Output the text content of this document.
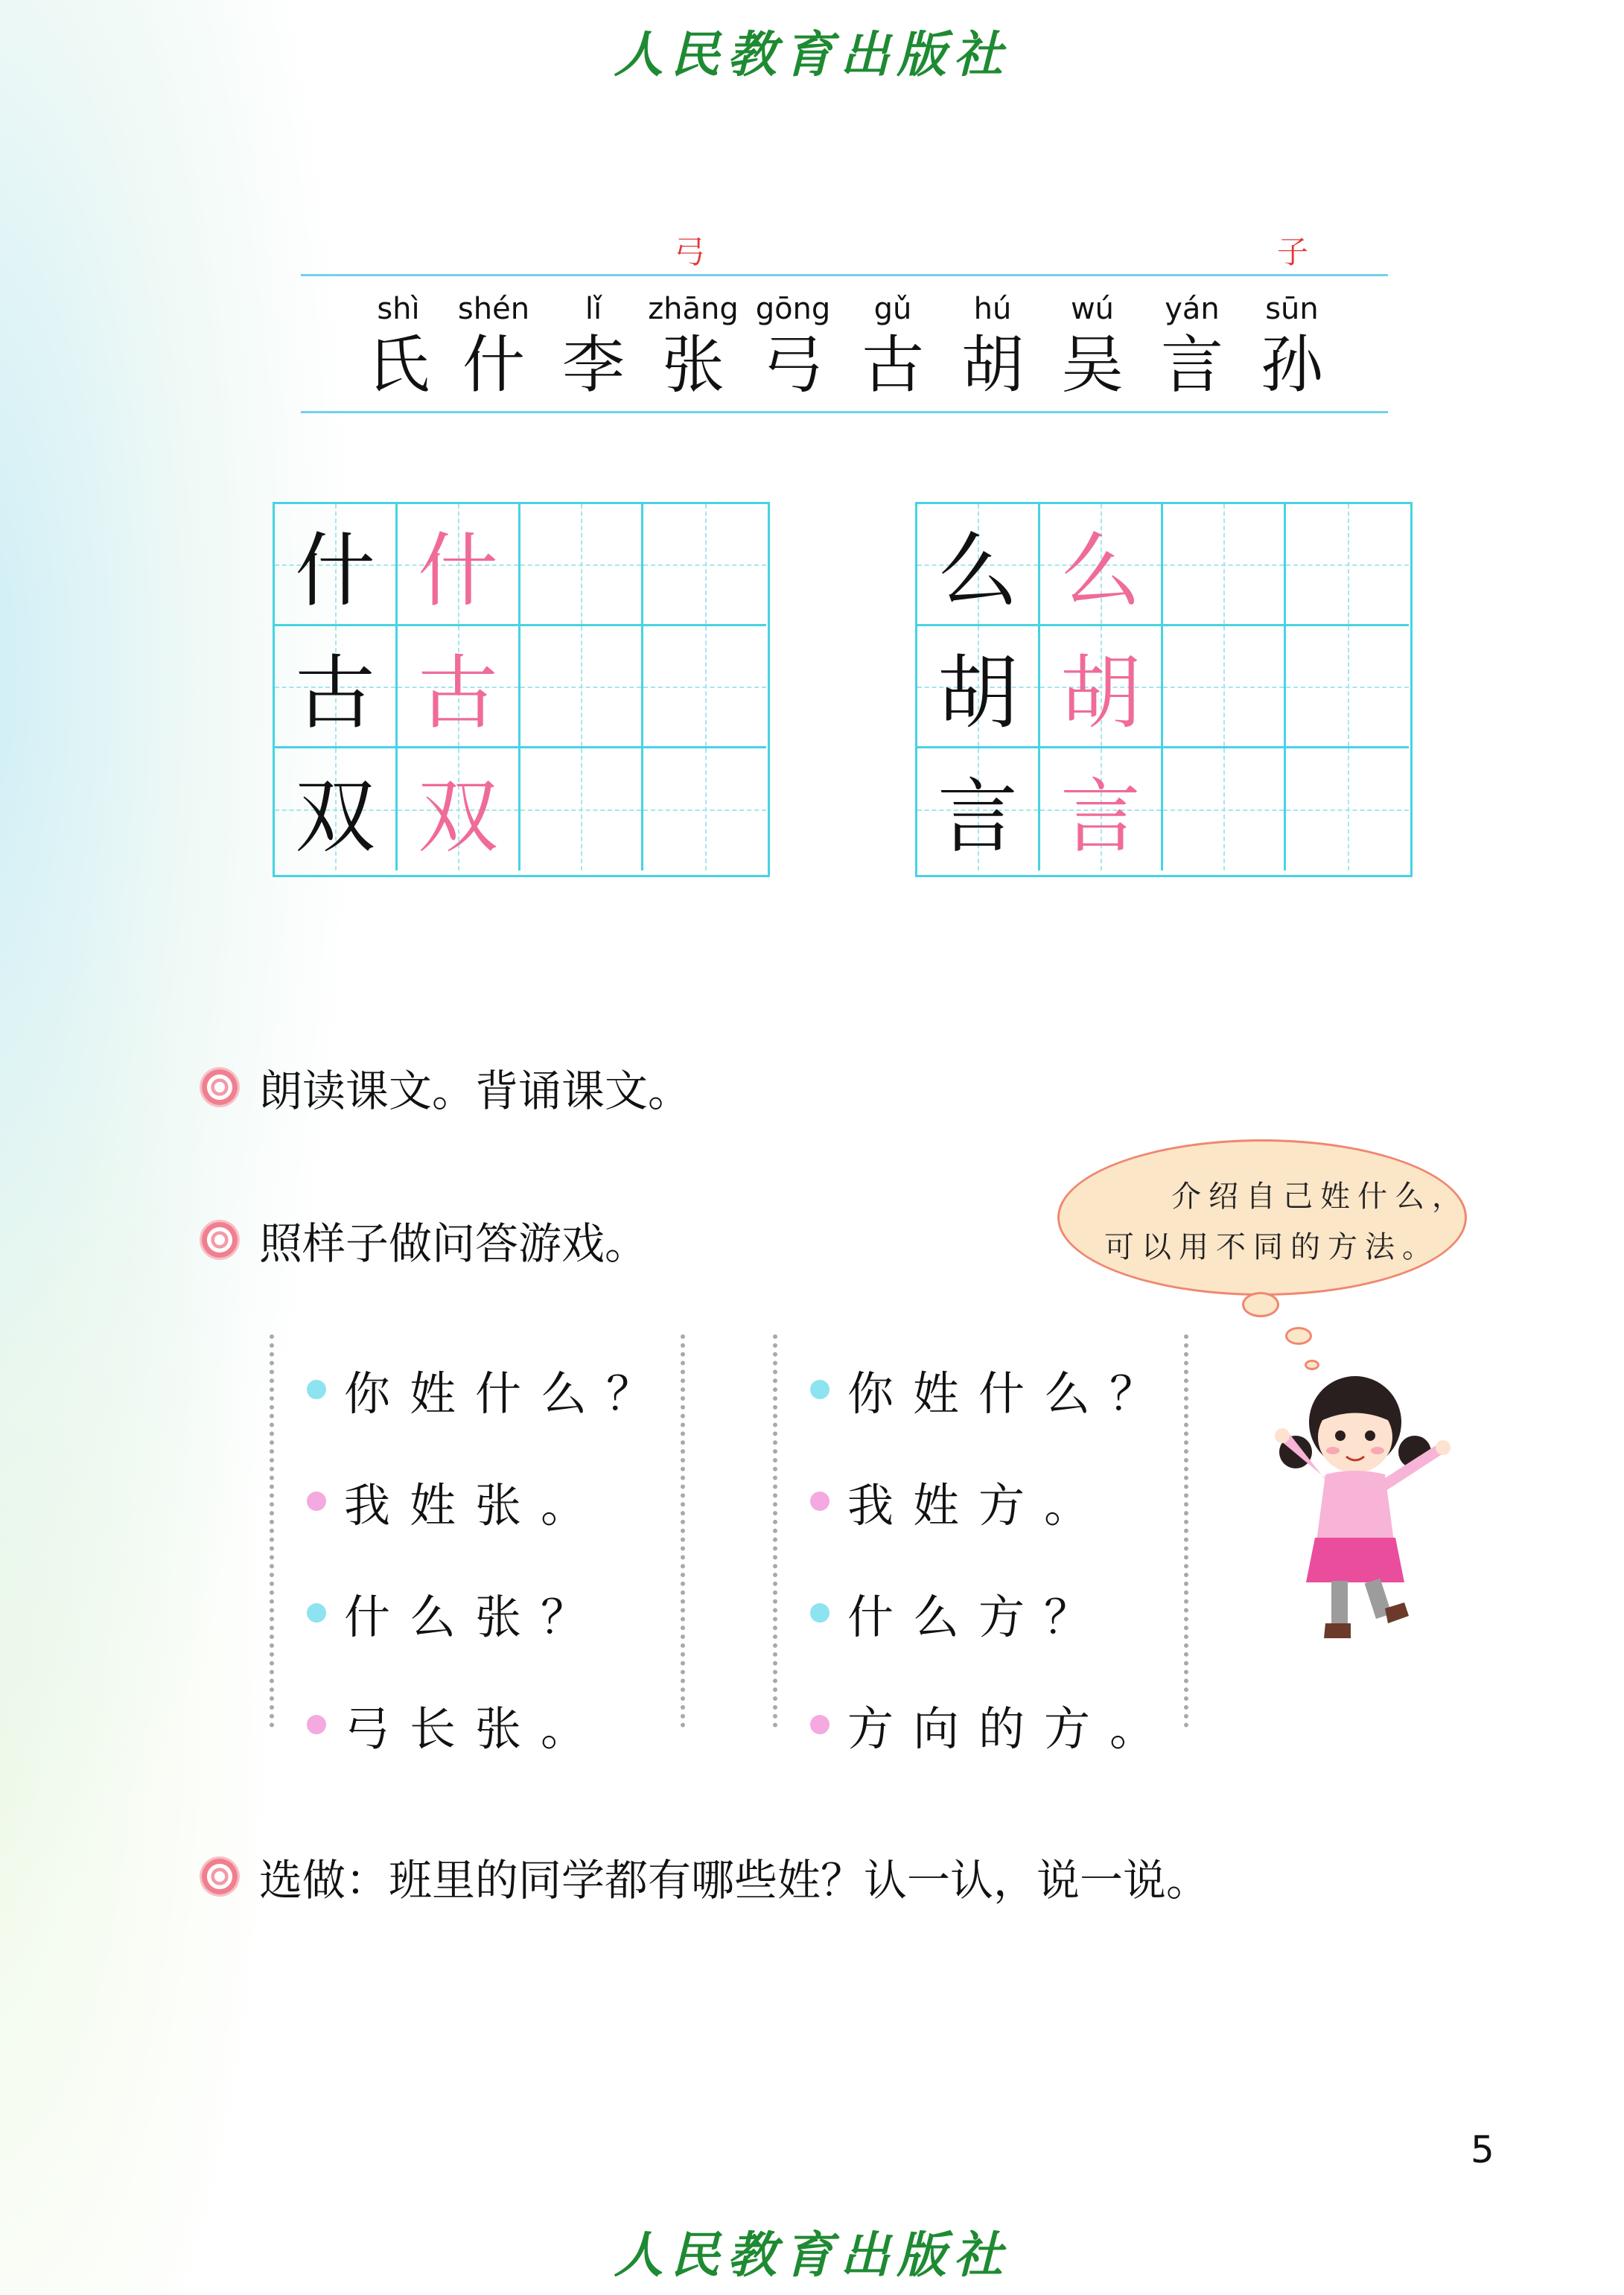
人民教育出版社
弓	子
shì
氏
shén
什
lǐ
李
zhāng
张
gōng
弓
gǔ
古
hú
胡
wú
吴
yán
言
sūn
孙
什 什
古 古
双 双
么 么
胡 胡
言 言
朗读课文。背诵课文。
照样子做问答游戏。
介绍自己姓什么，
可以用不同的方法。
你姓什么？
我姓张。
什么张？
弓长张。
你姓什么？
我姓方。
什么方？
方向的方。
选做：班里的同学都有哪些姓？认一认，说一说。
5
人民教育出版社
